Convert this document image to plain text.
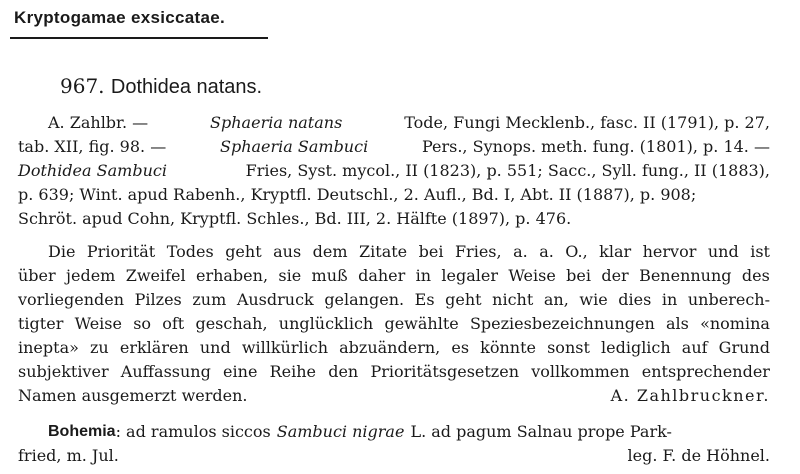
Kryptogamae exsiccatae.
967. Dothidea natans.
A. Zahlbr. —	Sphaeria natans	Tode, Fungi Mecklenb., fasc. II (1791), p. 27,
tab. XII, fig. 98. —	Sphaeria Sambuci	Pers., Synops. meth. fung. (1801), p. 14. —
Dothidea Sambuci	Fries, Syst. mycol., II (1823), p. 551; Sacc., Syll. fung., II (1883),
p. 639; Wint. apud Rabenh., Kryptfl. Deutschl., 2. Aufl., Bd. I, Abt. II (1887), p. 908;
Schröt. apud Cohn, Kryptfl. Schles., Bd. III, 2. Hälfte (1897), p. 476.
Die Priorität Todes geht aus dem Zitate bei Fries, a. a. O., klar hervor und ist
über jedem Zweifel erhaben, sie muß daher in legaler Weise bei der Benennung des
vorliegenden Pilzes zum Ausdruck gelangen. Es geht nicht an, wie dies in unberech-
tigter Weise so oft geschah, unglücklich gewählte Speziesbezeichnungen als «nomina
inepta» zu erklären und willkürlich abzuändern, es könnte sonst lediglich auf Grund
subjektiver Auffassung eine Reihe den Prioritätsgesetzen vollkommen entsprechender
Namen ausgemerzt werden.	A. Zahlbruckner.
Bohemia : ad ramulos siccos Sambuci nigrae L. ad pagum Salnau prope Park-
fried, m. Jul.	leg. F. de Höhnel.
